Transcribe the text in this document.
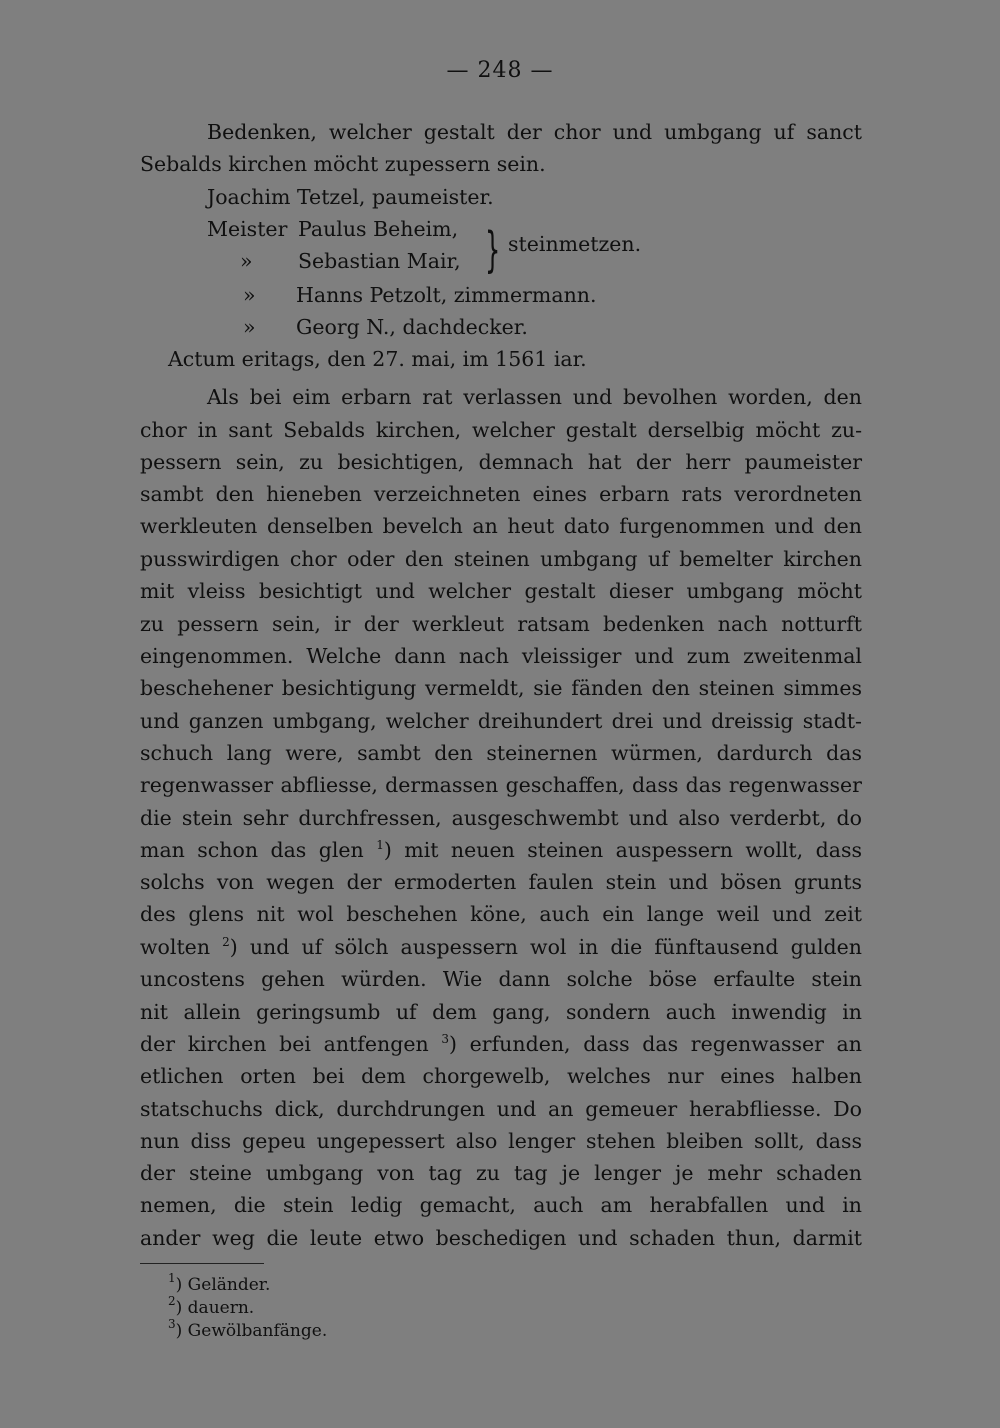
— 248 —
Bedenken, welcher gestalt der chor und umbgang uf sanct
Sebalds kirchen möcht zupessern sein.
Joachim Tetzel, paumeister.
Meister Paulus Beheim,
»	Sebastian Mair, } steinmetzen.
»	Hanns Petzolt, zimmermann.
»	Georg N., dachdecker.
Actum eritags, den 27. mai, im 1561 iar.
Als bei eim erbarn rat verlassen und bevolhen worden, den
chor in sant Sebalds kirchen, welcher gestalt derselbig möcht zu-
pessern sein, zu besichtigen, demnach hat der herr paumeister
sambt den hieneben verzeichneten eines erbarn rats verordneten
werkleuten denselben bevelch an heut dato furgenommen und den
pusswirdigen chor oder den steinen umbgang uf bemelter kirchen
mit vleiss besichtigt und welcher gestalt dieser umbgang möcht
zu pessern sein, ir der werkleut ratsam bedenken nach notturft
eingenommen. Welche dann nach vleissiger und zum zweitenmal
beschehener besichtigung vermeldt, sie fänden den steinen simmes
und ganzen umbgang, welcher dreihundert drei und dreissig stadt-
schuch lang were, sambt den steinernen würmen, dardurch das
regenwasser abfliesse, dermassen geschaffen, dass das regenwasser
die stein sehr durchfressen, ausgeschwembt und also verderbt, do
man schon das glen $^1$) mit neuen steinen auspessern wollt, dass
solchs von wegen der ermoderten faulen stein und bösen grunts
des glens nit wol beschehen köne, auch ein lange weil und zeit
wolten $^2$) und uf sölch auspessern wol in die fünftausend gulden
uncostens gehen würden. Wie dann solche böse erfaulte stein
nit allein geringsumb uf dem gang, sondern auch inwendig in
der kirchen bei antfengen $^3$) erfunden, dass das regenwasser an
etlichen orten bei dem chorgewelb, welches nur eines halben
statschuchs dick, durchdrungen und an gemeuer herabfliesse. Do
nun diss gepeu ungepessert also lenger stehen bleiben sollt, dass
der steine umbgang von tag zu tag je lenger je mehr schaden
nemen, die stein ledig gemacht, auch am herabfallen und in
ander weg die leute etwo beschedigen und schaden thun, darmit
$^1$) Geländer.
$^2$) dauern.
$^3$) Gewölbanfänge.
